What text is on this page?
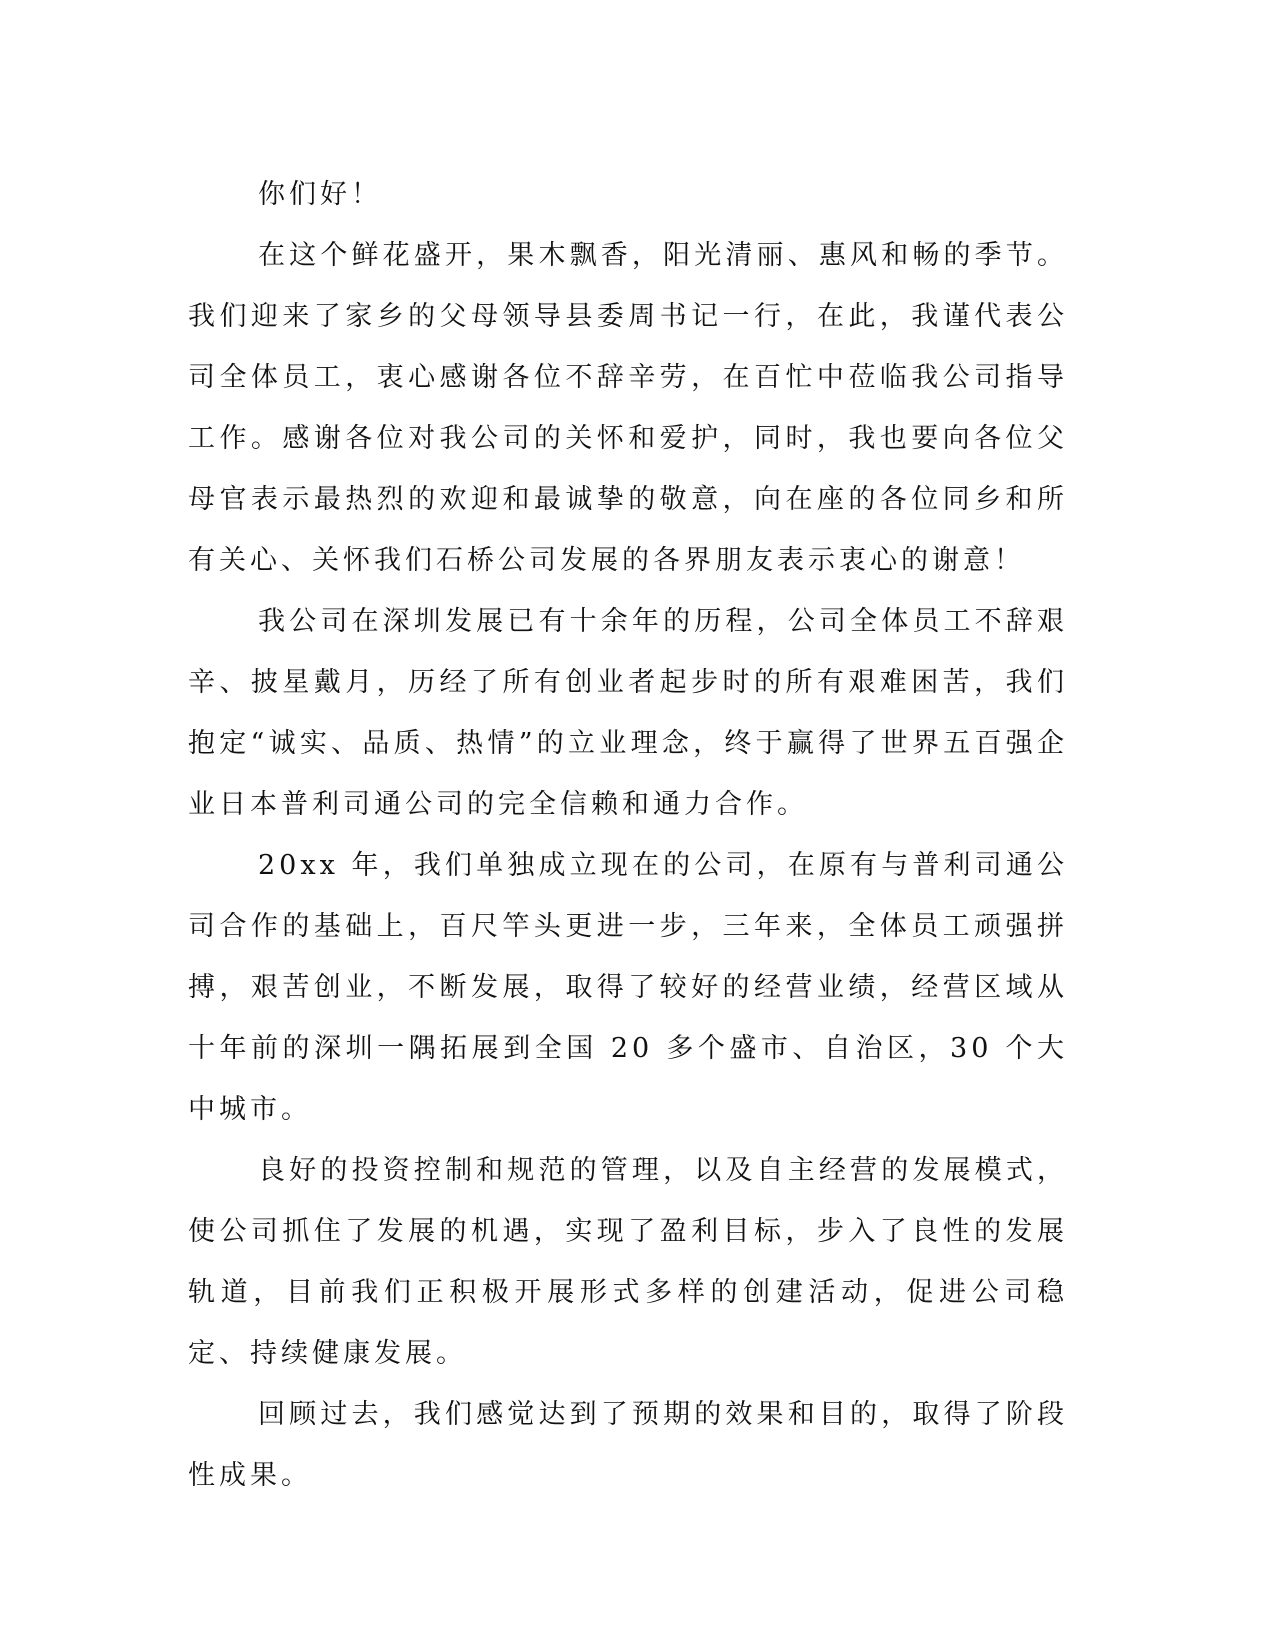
你们好！

在这个鲜花盛开，果木飘香，阳光清丽、惠风和畅的季节。我们迎来了家乡的父母领导县委周书记一行，在此，我谨代表公司全体员工，衷心感谢各位不辞辛劳，在百忙中莅临我公司指导工作。感谢各位对我公司的关怀和爱护，同时，我也要向各位父母官表示最热烈的欢迎和最诚挚的敬意，向在座的各位同乡和所有关心、关怀我们石桥公司发展的各界朋友表示衷心的谢意！

我公司在深圳发展已有十余年的历程，公司全体员工不辞艰辛、披星戴月，历经了所有创业者起步时的所有艰难困苦，我们抱定“诚实、品质、热情”的立业理念，终于赢得了世界五百强企业日本普利司通公司的完全信赖和通力合作。

20xx 年，我们单独成立现在的公司，在原有与普利司通公司合作的基础上，百尺竿头更进一步，三年来，全体员工顽强拼搏，艰苦创业，不断发展，取得了较好的经营业绩，经营区域从十年前的深圳一隅拓展到全国 20 多个盛市、自治区，30 个大中城市。

良好的投资控制和规范的管理，以及自主经营的发展模式，使公司抓住了发展的机遇，实现了盈利目标，步入了良性的发展轨道，目前我们正积极开展形式多样的创建活动，促进公司稳定、持续健康发展。

回顾过去，我们感觉达到了预期的效果和目的，取得了阶段性成果。
